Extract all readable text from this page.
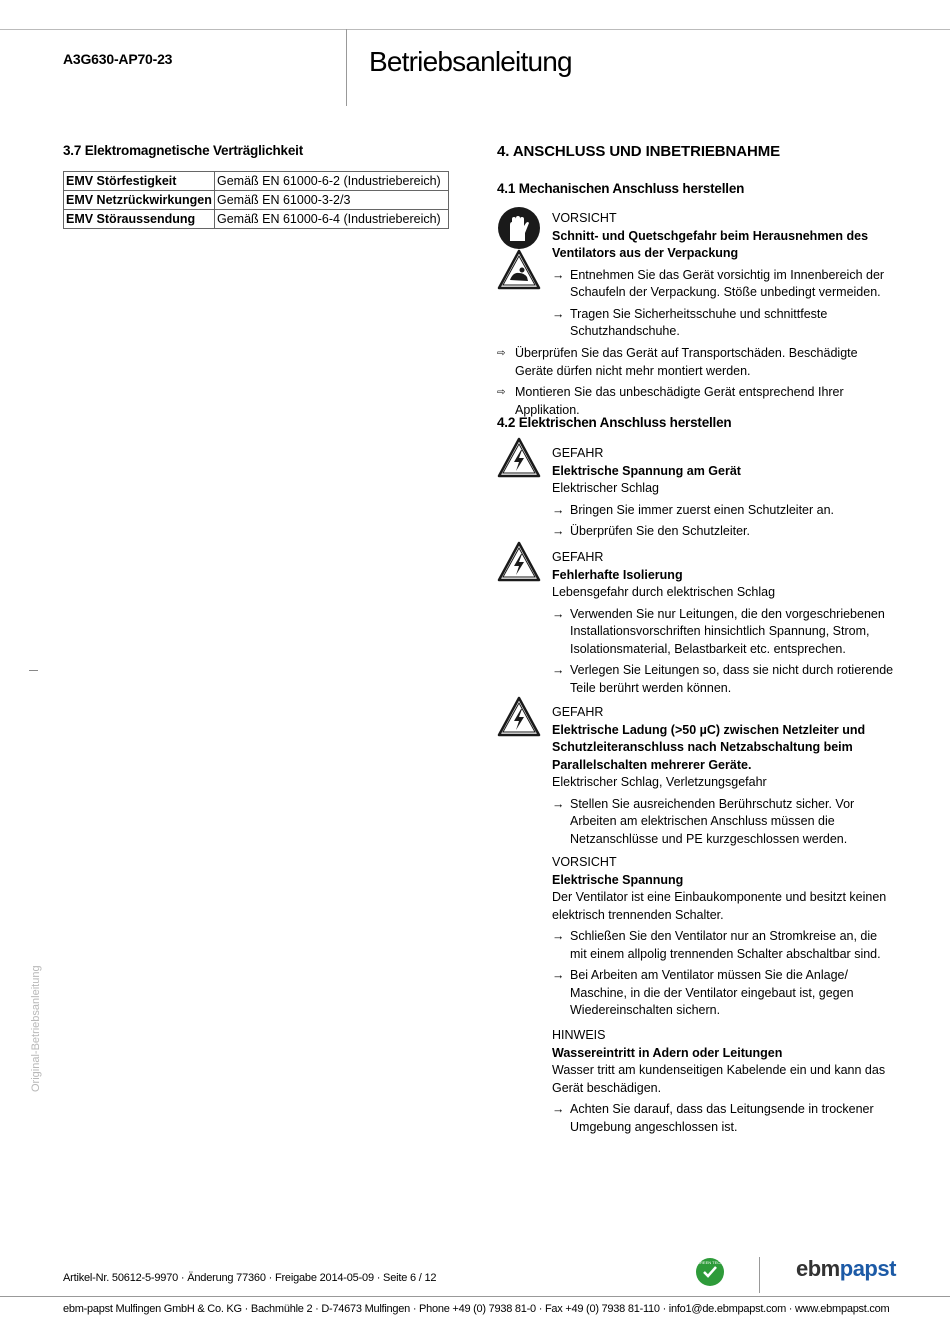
A3G630-AP70-23	Betriebsanleitung
3.7 Elektromagnetische Verträglichkeit
EMV Störfestigkeit	Gemäß EN 61000-6-2 (Industriebereich)
EMV Netzrückwirkungen	Gemäß EN 61000-3-2/3
EMV Störaussendung	Gemäß EN 61000-6-4 (Industriebereich)
4. ANSCHLUSS UND INBETRIEBNAHME
4.1 Mechanischen Anschluss herstellen
VORSICHT
Schnitt- und Quetschgefahr beim Herausnehmen des Ventilators aus der Verpackung
→ Entnehmen Sie das Gerät vorsichtig im Innenbereich der Schaufeln der Verpackung. Stöße unbedingt vermeiden.
→ Tragen Sie Sicherheitsschuhe und schnittfeste Schutzhandschuhe.
⇨ Überprüfen Sie das Gerät auf Transportschäden. Beschädigte Geräte dürfen nicht mehr montiert werden.
⇨ Montieren Sie das unbeschädigte Gerät entsprechend Ihrer Applikation.
4.2 Elektrischen Anschluss herstellen
GEFAHR
Elektrische Spannung am Gerät
Elektrischer Schlag
→ Bringen Sie immer zuerst einen Schutzleiter an.
→ Überprüfen Sie den Schutzleiter.
GEFAHR
Fehlerhafte Isolierung
Lebensgefahr durch elektrischen Schlag
→ Verwenden Sie nur Leitungen, die den vorgeschriebenen Installationsvorschriften hinsichtlich Spannung, Strom, Isolationsmaterial, Belastbarkeit etc. entsprechen.
→ Verlegen Sie Leitungen so, dass sie nicht durch rotierende Teile berührt werden können.
GEFAHR
Elektrische Ladung (>50 µC) zwischen Netzleiter und Schutzleiteranschluss nach Netzabschaltung beim Parallelschalten mehrerer Geräte.
Elektrischer Schlag, Verletzungsgefahr
→ Stellen Sie ausreichenden Berührschutz sicher. Vor Arbeiten am elektrischen Anschluss müssen die Netzanschlüsse und PE kurzgeschlossen werden.
VORSICHT
Elektrische Spannung
Der Ventilator ist eine Einbaukomponente und besitzt keinen elektrisch trennenden Schalter.
→ Schließen Sie den Ventilator nur an Stromkreise an, die mit einem allpolig trennenden Schalter abschaltbar sind.
→ Bei Arbeiten am Ventilator müssen Sie die Anlage/ Maschine, in die der Ventilator eingebaut ist, gegen Wiedereinschalten sichern.
HINWEIS
Wassereintritt in Adern oder Leitungen
Wasser tritt am kundenseitigen Kabelende ein und kann das Gerät beschädigen.
→ Achten Sie darauf, dass das Leitungsende in trockener Umgebung angeschlossen ist.
Original-Betriebsanleitung
Artikel-Nr. 50612-5-9970 · Änderung 77360 · Freigabe 2014-05-09 · Seite 6 / 12
GREEN TECH	ebmpapst
ebm-papst Mulfingen GmbH & Co. KG · Bachmühle 2 · D-74673 Mulfingen · Phone +49 (0) 7938 81-0 · Fax +49 (0) 7938 81-110 · info1@de.ebmpapst.com · www.ebmpapst.com
